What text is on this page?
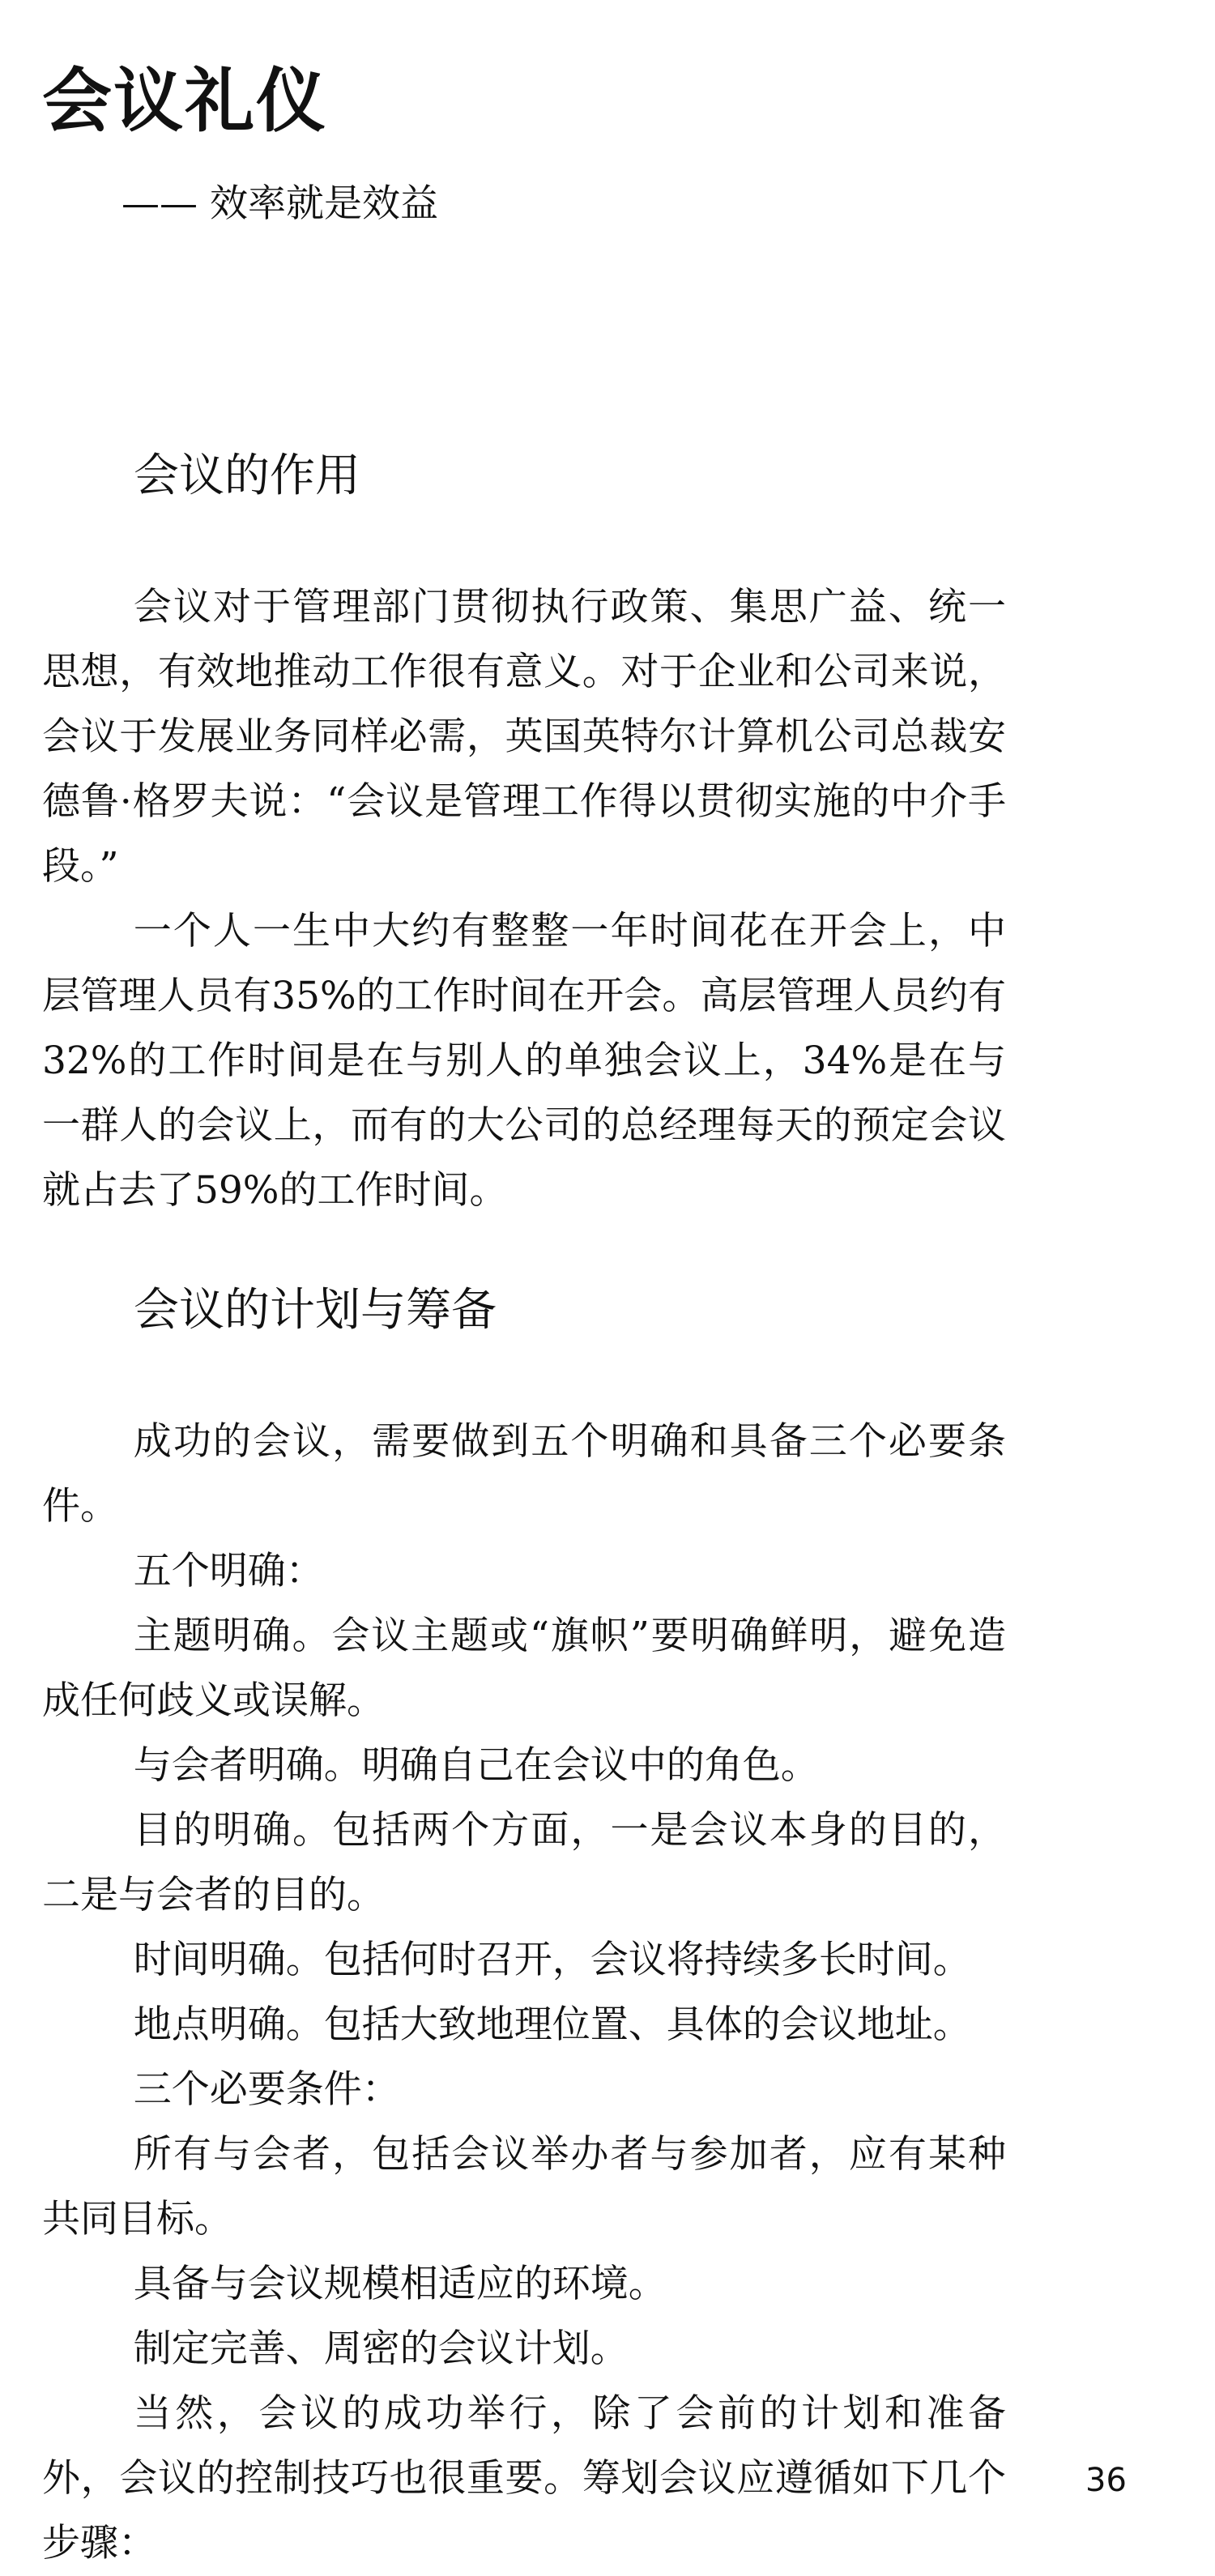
会议礼仪
—— 效率就是效益
会议的作用

会议对于管理部门贯彻执行政策、集思广益、统一思想，有效地推动工作很有意义。对于企业和公司来说，会议于发展业务同样必需，英国英特尔计算机公司总裁安德鲁·格罗夫说：“会议是管理工作得以贯彻实施的中介手段。”

一个人一生中大约有整整一年时间花在开会上，中层管理人员有35%的工作时间在开会。高层管理人员约有32%的工作时间是在与别人的单独会议上，34%是在与一群人的会议上，而有的大公司的总经理每天的预定会议就占去了59%的工作时间。

会议的计划与筹备

成功的会议，需要做到五个明确和具备三个必要条件。

五个明确：

主题明确。会议主题或“旗帜”要明确鲜明，避免造成任何歧义或误解。

与会者明确。明确自己在会议中的角色。

目的明确。包括两个方面，一是会议本身的目的，二是与会者的目的。

时间明确。包括何时召开，会议将持续多长时间。

地点明确。包括大致地理位置、具体的会议地址。

三个必要条件：

所有与会者，包括会议举办者与参加者，应有某种共同目标。

具备与会议规模相适应的环境。

制定完善、周密的会议计划。

当然，会议的成功举行，除了会前的计划和准备外，会议的控制技巧也很重要。筹划会议应遵循如下几个步骤：

36
